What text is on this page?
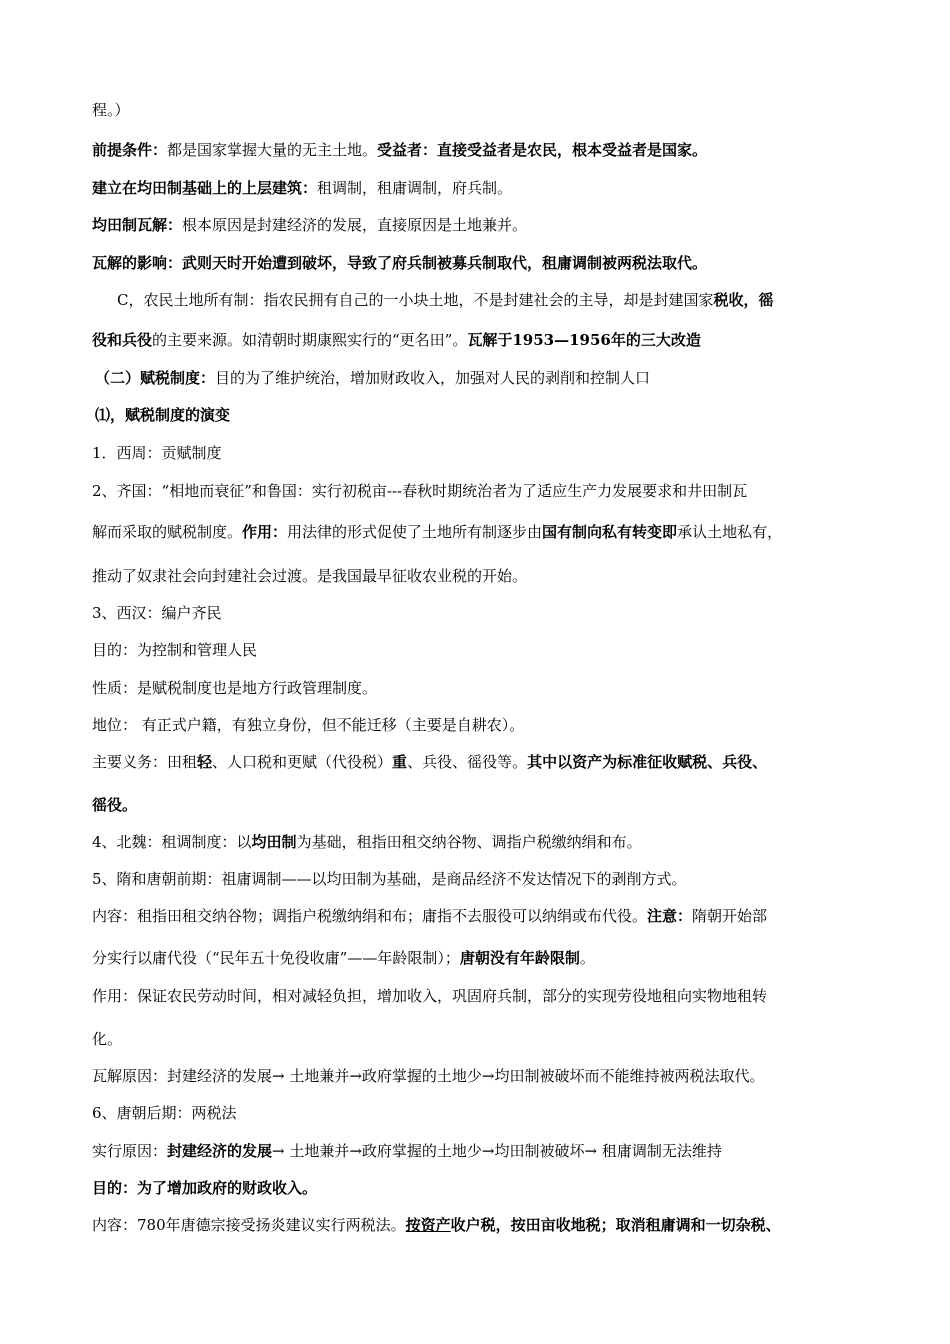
程。）
前提条件：都是国家掌握大量的无主土地。受益者：直接受益者是农民，根本受益者是国家。
建立在均田制基础上的上层建筑：租调制，租庸调制，府兵制。
均田制瓦解：根本原因是封建经济的发展，直接原因是土地兼并。
瓦解的影响：武则天时开始遭到破坏，导致了府兵制被募兵制取代，租庸调制被两税法取代。
C，农民土地所有制：指农民拥有自己的一小块土地，不是封建社会的主导，却是封建国家税收，徭
役和兵役的主要来源。如清朝时期康熙实行的“更名田”。瓦解于1953—1956年的三大改造
（二）赋税制度：目的为了维护统治，增加财政收入，加强对人民的剥削和控制人口
⑴，赋税制度的演变
1．西周：贡赋制度
2、齐国：“相地而衰征”和鲁国：实行初税亩---春秋时期统治者为了适应生产力发展要求和井田制瓦
解而采取的赋税制度。作用：用法律的形式促使了土地所有制逐步由国有制向私有转变即承认土地私有，
推动了奴隶社会向封建社会过渡。是我国最早征收农业税的开始。
3、西汉：编户齐民
目的：为控制和管理人民
性质：是赋税制度也是地方行政管理制度。
地位： 有正式户籍，有独立身份，但不能迁移（主要是自耕农）。
主要义务：田租轻、人口税和更赋（代役税）重、兵役、徭役等。其中以资产为标准征收赋税、兵役、
徭役。
4、北魏：租调制度：以均田制为基础，租指田租交纳谷物、调指户税缴纳绢和布。
5、隋和唐朝前期：祖庸调制——以均田制为基础，是商品经济不发达情况下的剥削方式。
内容：租指田租交纳谷物；调指户税缴纳绢和布；庸指不去服役可以纳绢或布代役。注意：隋朝开始部
分实行以庸代役（“民年五十免役收庸”——年龄限制）；唐朝没有年龄限制。
作用：保证农民劳动时间，相对减轻负担，增加收入，巩固府兵制，部分的实现劳役地租向实物地租转
化。
瓦解原因：封建经济的发展→ 土地兼并→政府掌握的土地少→均田制被破坏而不能维持被两税法取代。
6、唐朝后期：两税法
实行原因：封建经济的发展→ 土地兼并→政府掌握的土地少→均田制被破坏→ 租庸调制无法维持
目的：为了增加政府的财政收入。
内容：780年唐德宗接受扬炎建议实行两税法。按资产收户税，按田亩收地税；取消租庸调和一切杂税、
